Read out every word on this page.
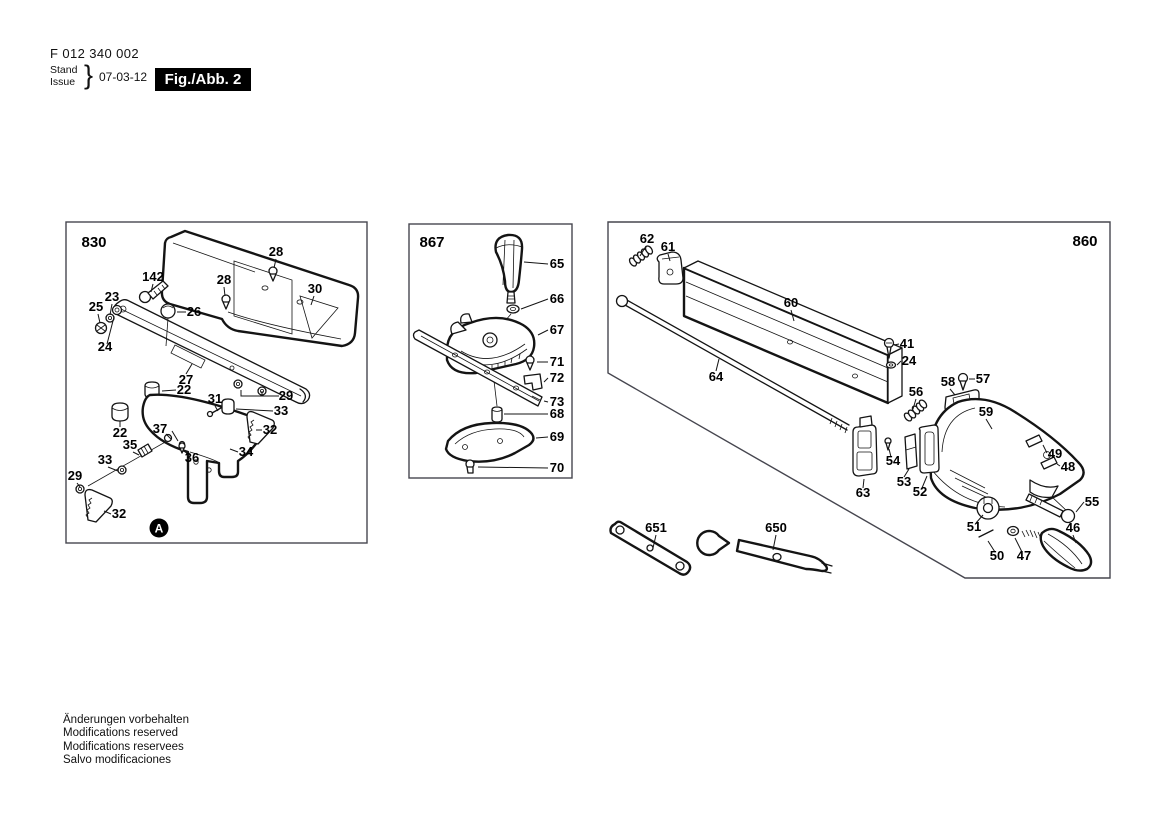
F 012 340 002
Stand
Issue } 07-03-12	Fig./Abb. 2
Änderungen vorbehalten
Modifications reserved
Modifications reservees
Salvo modificaciones
A
830
28
142
23
25
28
26
30
24
27
22
31	29
33
32
37
35
36	34
33
29
22
32
867
65
66
67
71
72
73
68
69
70
860
62
61
60
64
41
24
56
58 57
59
63
54
53
52
49
48
55
51
50 47
46
651	650
